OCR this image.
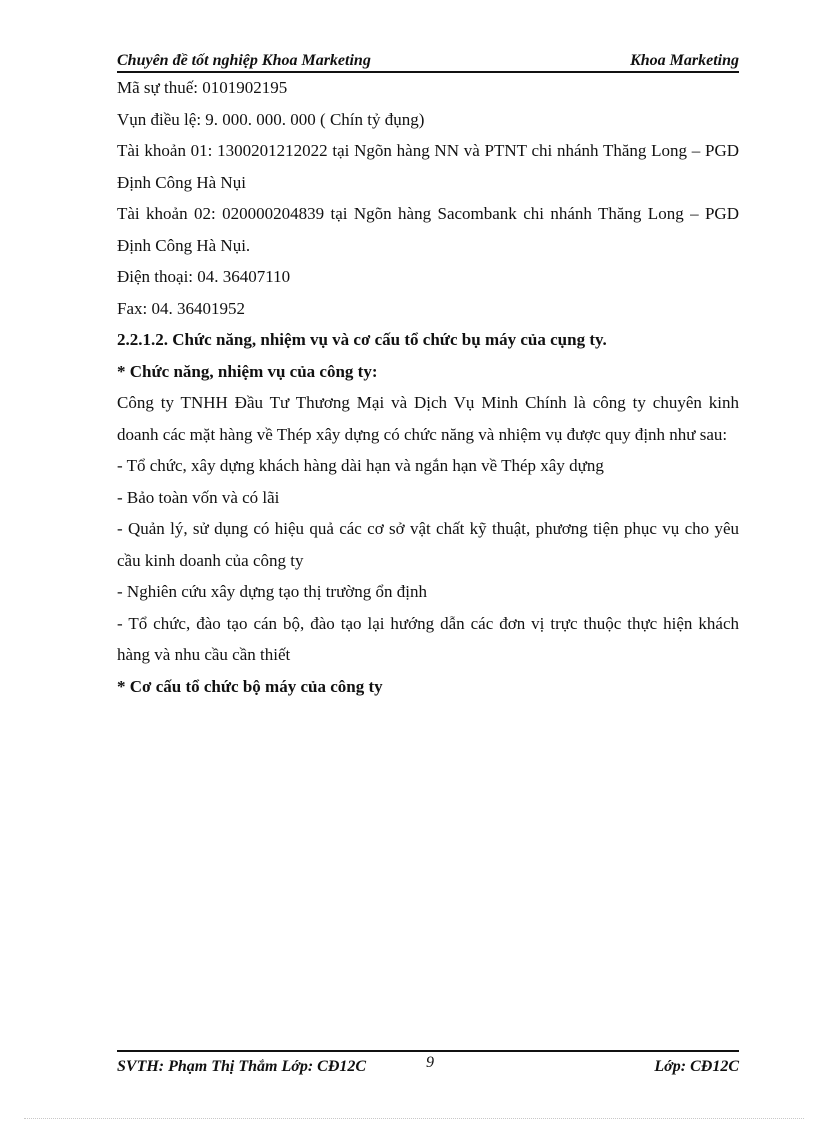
Chuyên đề tốt nghiệp Khoa Marketing	Khoa Marketing

Mã sự thuế: 0101902195

Vụn điều lệ: 9. 000. 000. 000 ( Chín tỷ đụng)

Tài khoản 01: 1300201212022 tại Ngõn hàng NN và PTNT chi nhánh Thăng Long – PGD Định Công Hà Nụi

Tài khoản 02: 020000204839 tại Ngõn hàng Sacombank chi nhánh Thăng Long – PGD Định Công Hà Nụi.

Điện thoại: 04. 36407110

Fax: 04. 36401952

2.2.1.2. Chức năng, nhiệm vụ và cơ cấu tổ chức bụ máy của cụng ty.

* Chức năng, nhiệm vụ của công ty:

Công ty TNHH Đầu Tư Thương Mại và Dịch Vụ Minh Chính là công ty chuyên kinh doanh các mặt hàng về Thép xây dựng có chức năng và nhiệm vụ được quy định như sau:

- Tổ chức, xây dựng khách hàng dài hạn và ngắn hạn về Thép xây dựng

- Bảo toàn vốn và có lãi

- Quản lý, sử dụng có hiệu quả các cơ sở vật chất kỹ thuật, phương tiện phục vụ cho yêu cầu kinh doanh của công ty

- Nghiên cứu xây dựng tạo thị trường ổn định

- Tổ chức, đào tạo cán bộ, đào tạo lại hướng dẫn các đơn vị trực thuộc thực hiện khách hàng và nhu cầu cần thiết

* Cơ cấu tổ chức bộ máy của công ty

SVTH: Phạm Thị Thắm Lớp: CĐ12C	9	Lớp: CĐ12C
